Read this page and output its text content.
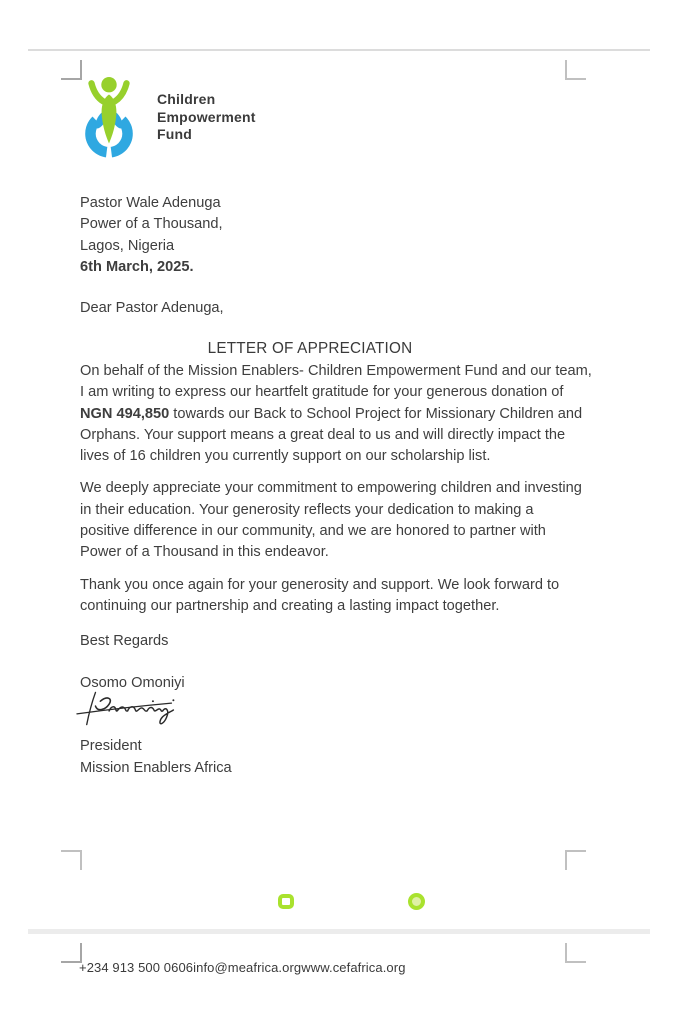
Children
Empowerment
Fund
Pastor Wale Adenuga
Power of a Thousand,
Lagos, Nigeria
6th March, 2025.
Dear Pastor Adenuga,
LETTER OF APPRECIATION
On behalf of the Mission Enablers- Children Empowerment Fund and our team,
I am writing to express our heartfelt gratitude for your generous donation of
NGN 494,850 towards our Back to School Project for Missionary Children and
Orphans. Your support means a great deal to us and will directly impact the
lives of 16 children you currently support on our scholarship list.
We deeply appreciate your commitment to empowering children and investing
in their education. Your generosity reflects your dedication to making a
positive difference in our community, and we are honored to partner with
Power of a Thousand in this endeavor.
Thank you once again for your generosity and support. We look forward to
continuing our partnership and creating a lasting impact together.
Best Regards
Osomo Omoniyi
President
Mission Enablers Africa
+234 913 500 0606info@meafrica.orgwww.cefafrica.org
